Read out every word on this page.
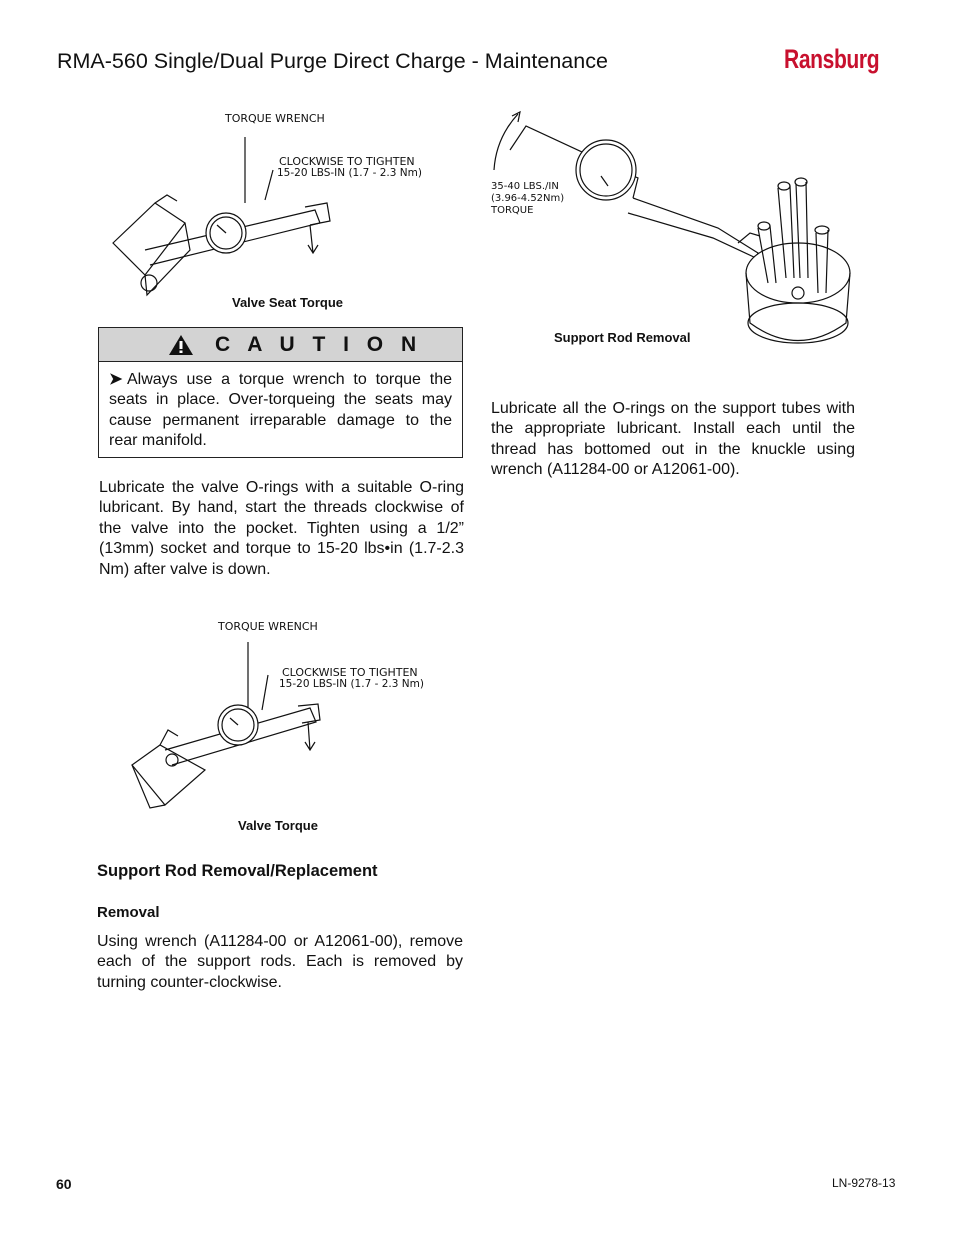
RMA-560 Single/Dual Purge Direct Charge - Maintenance	Ransburg
TORQUE WRENCH
CLOCKWISE TO TIGHTEN
15-20 LBS-IN (1.7 - 2.3 Nm)
Valve Seat Torque
C A U T I O N
➤ Always use a torque wrench to torque the seats in place. Over-torqueing the seats may cause permanent irreparable damage to the rear manifold.
Lubricate the valve O-rings with a suitable O-ring lubricant. By hand, start the threads clockwise of the valve into the pocket. Tighten using a 1/2” (13mm) socket and torque to 15-20 lbs•in (1.7-2.3 Nm) after valve is down.
TORQUE WRENCH
CLOCKWISE TO TIGHTEN
15-20 LBS-IN (1.7 - 2.3 Nm)
Valve Torque
Support Rod Removal/Replacement
Removal
Using wrench (A11284-00 or A12061-00), remove each of the support rods. Each is removed by turning counter-clockwise.
35-40 LBS./IN
(3.96-4.52Nm)
TORQUE
Support Rod Removal
Lubricate all the O-rings on the support tubes with the appropriate lubricant. Install each until the thread has bottomed out in the knuckle using wrench (A11284-00 or A12061-00).
60	LN-9278-13
